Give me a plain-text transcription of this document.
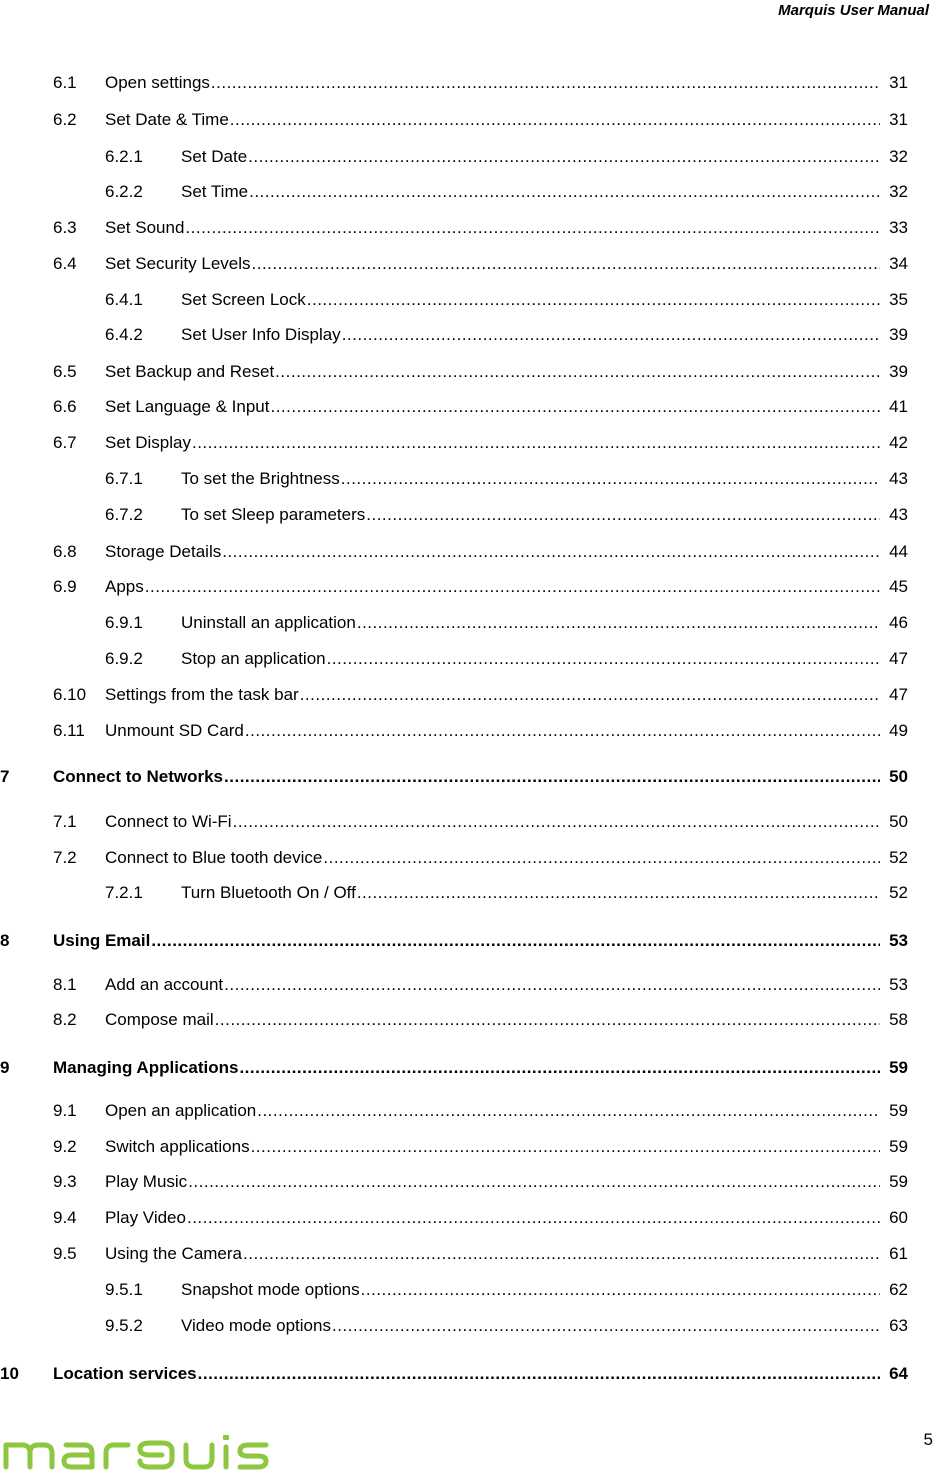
Marquis User Manual
6.1 Open settings .....	31
6.2 Set Date & Time .....	31
6.2.1 Set Date .....	32
6.2.2 Set Time .....	32
6.3 Set Sound .....	33
6.4 Set Security Levels .....	34
6.4.1 Set Screen Lock .....	35
6.4.2 Set User Info Display .....	39
6.5 Set Backup and Reset .....	39
6.6 Set Language & Input .....	41
6.7 Set Display .....	42
6.7.1 To set the Brightness .....	43
6.7.2 To set Sleep parameters .....	43
6.8 Storage Details .....	44
6.9 Apps .....	45
6.9.1 Uninstall an application .....	46
6.9.2 Stop an application .....	47
6.10 Settings from the task bar .....	47
6.11 Unmount SD Card .....	49
7	Connect to Networks .....	50
7.1 Connect to Wi-Fi .....	50
7.2 Connect to Blue tooth device .....	52
7.2.1 Turn Bluetooth On / Off .....	52
8	Using Email .....	53
8.1 Add an account .....	53
8.2 Compose mail .....	58
9	Managing Applications .....	59
9.1 Open an application .....	59
9.2 Switch applications .....	59
9.3 Play Music .....	59
9.4 Play Video .....	60
9.5 Using the Camera .....	61
9.5.1 Snapshot mode options .....	62
9.5.2 Video mode options .....	63
10 Location services .....	64
5
